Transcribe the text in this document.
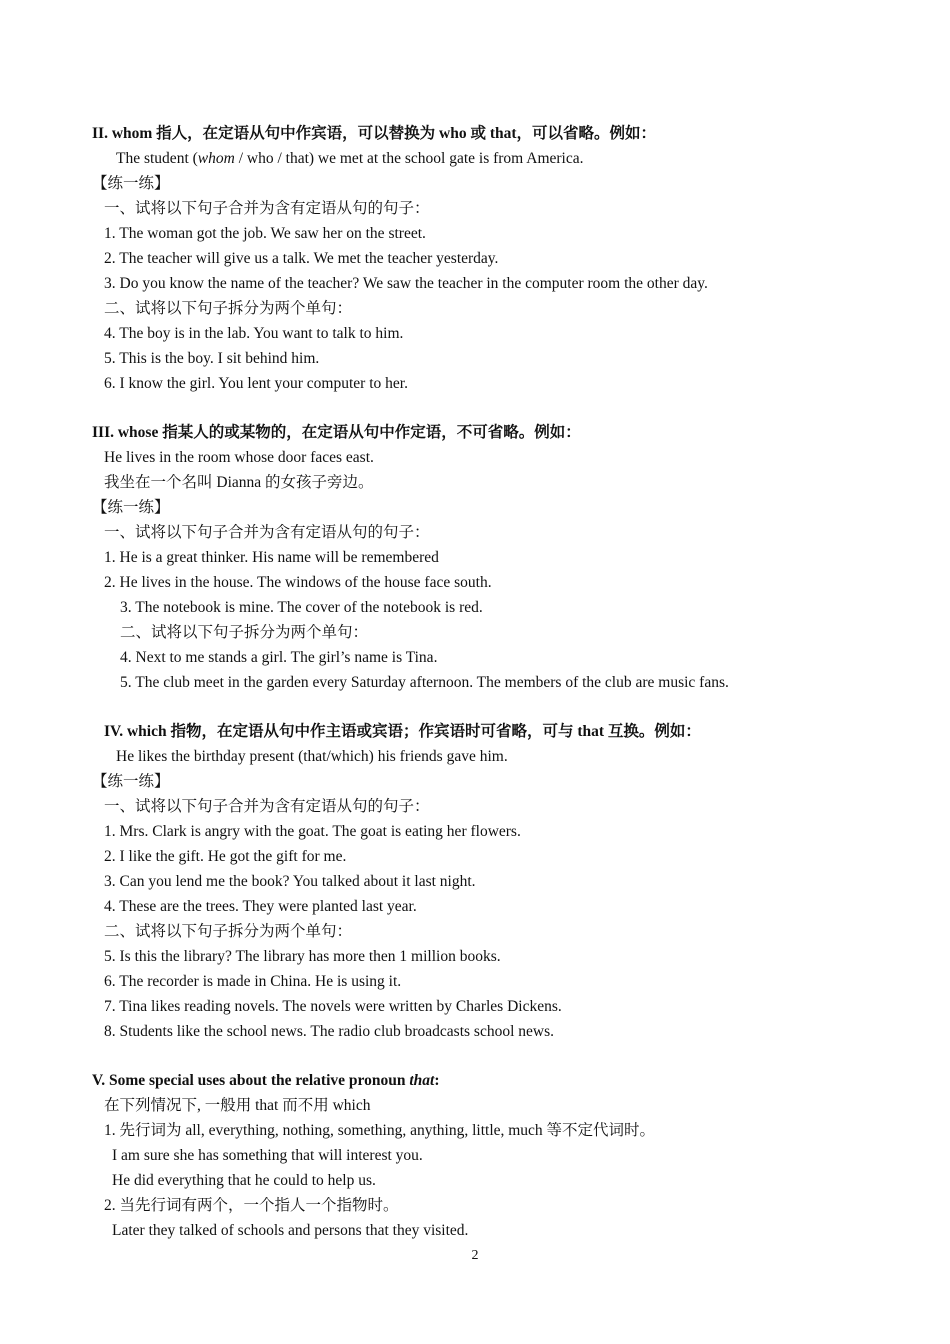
II. whom 指人，在定语从句中作宾语，可以替换为 who 或 that，可以省略。例如：
The student (whom / who / that) we met at the school gate is from America.
【练一练】
一、试将以下句子合并为含有定语从句的句子：
1. The woman got the job. We saw her on the street.
2. The teacher will give us a talk. We met the teacher yesterday.
3. Do you know the name of the teacher? We saw the teacher in the computer room the other day.
二、试将以下句子拆分为两个单句：
4. The boy is in the lab. You want to talk to him.
5. This is the boy. I sit behind him.
6. I know the girl. You lent your computer to her.
III. whose 指某人的或某物的，在定语从句中作定语，不可省略。例如：
He lives in the room whose door faces east.
我坐在一个名叫 Dianna 的女孩子旁边。
【练一练】
一、试将以下句子合并为含有定语从句的句子：
1. He is a great thinker. His name will be remembered
2. He lives in the house. The windows of the house face south.
3. The notebook is mine. The cover of the notebook is red.
二、试将以下句子拆分为两个单句：
4. Next to me stands a girl. The girl’s name is Tina.
5. The club meet in the garden every Saturday afternoon. The members of the club are music fans.
IV. which 指物，在定语从句中作主语或宾语；作宾语时可省略，可与 that 互换。例如：
He likes the birthday present (that/which) his friends gave him.
【练一练】
一、试将以下句子合并为含有定语从句的句子：
1. Mrs. Clark is angry with the goat. The goat is eating her flowers.
2. I like the gift. He got the gift for me.
3. Can you lend me the book? You talked about it last night.
4. These are the trees. They were planted last year.
二、试将以下句子拆分为两个单句：
5. Is this the library? The library has more then 1 million books.
6. The recorder is made in China. He is using it.
7. Tina likes reading novels. The novels were written by Charles Dickens.
8. Students like the school news. The radio club broadcasts school news.
V. Some special uses about the relative pronoun that:
在下列情况下, 一般用 that 而不用 which
1. 先行词为 all, everything, nothing, something, anything, little, much 等不定代词时。
I am sure she has something that will interest you.
He did everything that he could to help us.
2. 当先行词有两个，一个指人一个指物时。
Later they talked of schools and persons that they visited.
2
